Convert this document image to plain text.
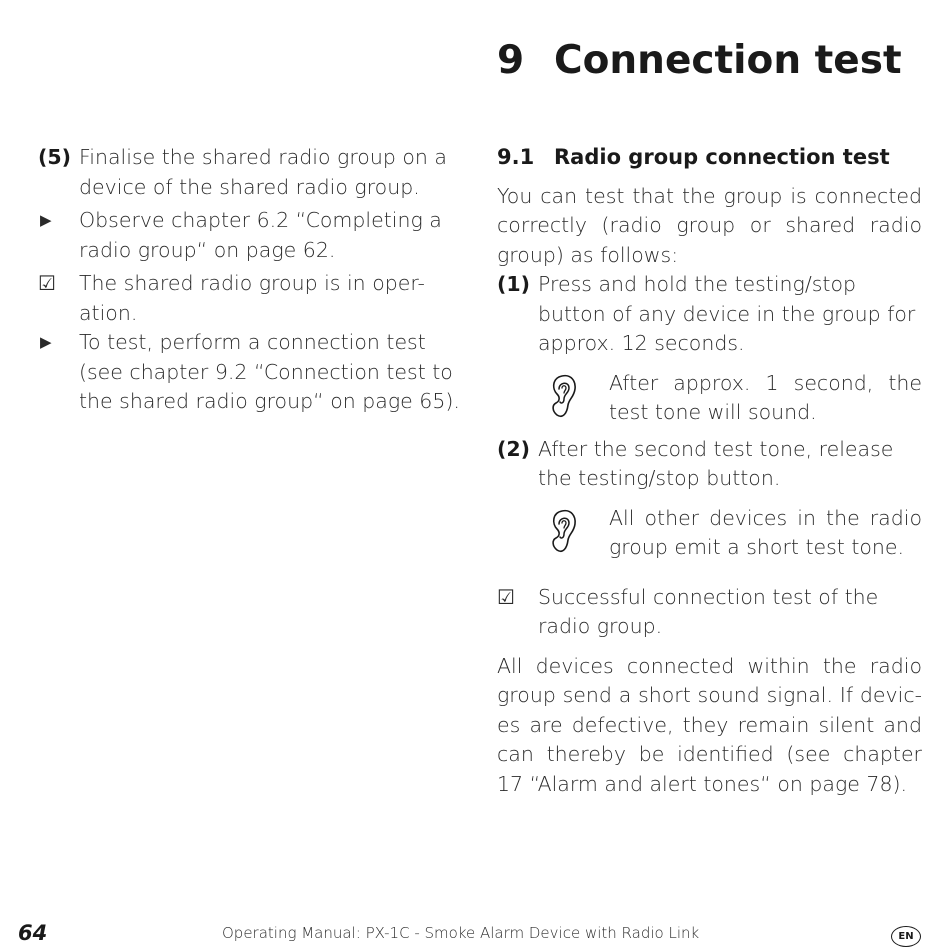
9 Connection test

(5) Finalise the shared radio group on a device of the shared radio group.

▶ Observe chapter 6.2 “Completing a radio group“ on page 62.

☑ The shared radio group is in oper-ation.

▶ To test, perform a connection test (see chapter 9.2 “Connection test to the shared radio group“ on page 65).

9.1 Radio group connection test

You can test that the group is connected correctly (radio group or shared radio group) as follows:

(1) Press and hold the testing/stop button of any device in the group for approx. 12 seconds.

After approx. 1 second, the test tone will sound.

(2) After the second test tone, release the testing/stop button.

All other devices in the radio group emit a short test tone.

☑ Successful connection test of the radio group.

All devices connected within the radio group send a short sound signal. If devic-es are defective, they remain silent and can thereby be identified (see chapter 17 “Alarm and alert tones“ on page 78).

64	Operating Manual: PX-1C - Smoke Alarm Device with Radio Link	EN
